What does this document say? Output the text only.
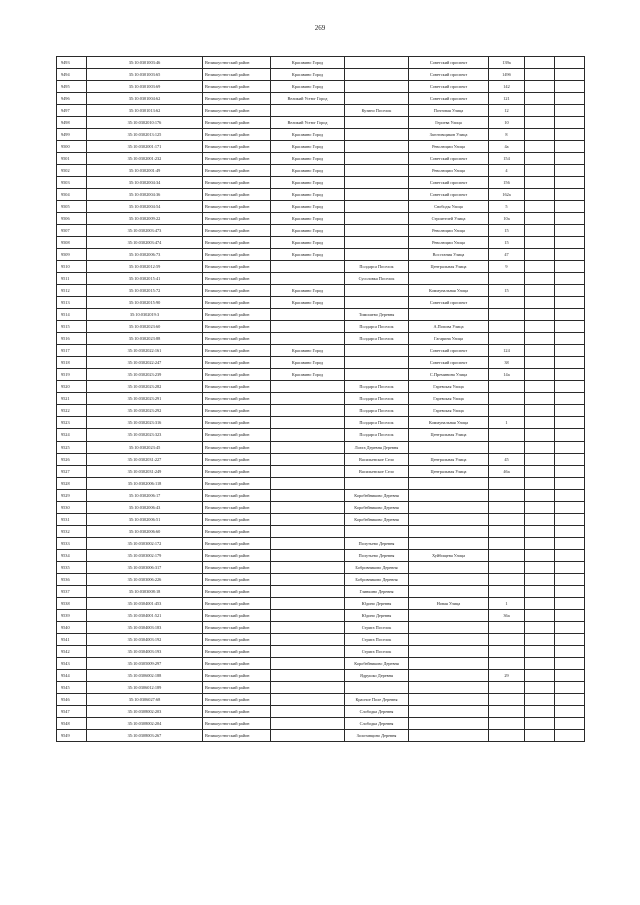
269
9493	35:10:0301003:46	Великоустюгский район	Красавино Город		Советский проспект	139а		
9494	35:10:0301003:65	Великоустюгский район	Красавино Город		Советский проспект	149б		
9495	35:10:0301003:69	Великоустюгский район	Красавино Город		Советский проспект	142		
9496	35:10:0301004:62	Великоустюгский район	Великий Устюг Город		Советский проспект	121		
9497	35:10:0301013:62	Великоустюгский район		Кузино Поселок	Почтовая Улица	12		
9498	35:10:0302010:176	Великоустюгский район	Великий Устюг Город		Героева Улица	10		
9499	35:10:0302013:125	Великоустюгский район	Красавино Город		Заготовщиков Улица	8		
9500	35:10:0302001:171	Великоустюгский район	Красавино Город		Революции Улица	4а		
9501	35:10:0302001:232	Великоустюгский район	Красавино Город		Советский проспект	154		
9502	35:10:0302001:49	Великоустюгский район	Красавино Город		Революции Улица	4		
9503	35:10:0302004:34	Великоустюгский район	Красавино Город		Советский проспект	156		
9504	35:10:0302004:36	Великоустюгский район	Красавино Город		Советский проспект	162а		
9505	35:10:0302004:54	Великоустюгский район	Красавино Город		Свободы Улица	5		
9506	35:10:0302009:22	Великоустюгский район	Красавино Город		Строителей Улица	10а		
9507	35:10:0302003:473	Великоустюгский район	Красавино Город		Революции Улица	15		
9508	35:10:0302003:474	Великоустюгский район	Красавино Город		Революции Улица	15		
9509	35:10:0302006:73	Великоустюгский район	Красавино Город		Восстания Улица	47		
9510	35:10:0302012:59	Великоустюгский район		Полдарса Поселок	Центральная Улица	9		
9511	35:10:0302015:41	Великоустюгский район		Сусоловка Поселок				
9512	35:10:0302015:72	Великоустюгский район	Красавино Город		Коммунальная Улица	15		
9513	35:10:0302015:90	Великоустюгский район	Красавино Город		Советский проспект			
9514	35:10:0302019:3	Великоустюгский район		Тимошево Деревня				
9515	35:10:0302023:60	Великоустюгский район		Полдарса Поселок	А.Попова Улица			
9516	35:10:0302023:88	Великоустюгский район		Полдарса Поселок	Гагарина Улица			
9517	35:10:0302022:161	Великоустюгский район	Красавино Город		Советский проспект	124		
9518	35:10:0302022:247	Великоустюгский район	Красавино Город		Советский проспект	38		
9519	35:10:0302023:239	Великоустюгский район	Красавино Город		С.Преминина Улица	14а		
9520	35:10:0302023:282	Великоустюгский район		Полдарса Поселок	Гаревская Улица			
9521	35:10:0302023:291	Великоустюгский район		Полдарса Поселок	Гаревская Улица			
9522	35:10:0302023:292	Великоустюгский район		Полдарса Поселок	Гаревская Улица			
9523	35:10:0302023:316	Великоустюгский район		Полдарса Поселок	Коммунальная Улица	1		
9524	35:10:0302023:323	Великоустюгский район		Полдарса Поселок	Центральная Улица			
9525	35:10:0302023:45	Великоустюгский район		Лохта Деревня Деревня				
9526	35:10:0302031:227	Великоустюгский район		Васильевское Село	Центральная Улица	45		
9527	35:10:0302031:249	Великоустюгский район		Васильевское Село	Центральная Улица	46а		
9528	35:10:0302006:118	Великоустюгский район						
9529	35:10:0302006:17	Великоустюгский район		Коробейниково Деревня				
9530	35:10:0302006:43	Великоустюгский район		Коробейниково Деревня				
9531	35:10:0302006:51	Великоустюгский район		Коробейниково Деревня				
9532	35:10:0302006:60	Великоустюгский район						
9533	35:10:0303002:172	Великоустюгский район		Полутьево Деревня				
9534	35:10:0303002:179	Великоустюгский район		Полутьево Деревня	Хуйбищева Улица			
9535	35:10:0303006:317	Великоустюгский район		Бобровниково Деревня				
9536	35:10:0303006:226	Великоустюгский район		Бобровниково Деревня				
9537	35:10:0303008:18	Великоустюгский район		Глинкино Деревня				
9538	35:10:0304001:453	Великоустюгский район		Юдино Деревня	Новая Улица	1		
9539	35:10:0304001:521	Великоустюгский район		Юдино Деревня		36а		
9540	35:10:0304003:183	Великоустюгский район		Стрига Поселок				
9541	35:10:0304003:192	Великоустюгский район		Стрига Поселок				
9542	35:10:0304003:193	Великоустюгский район		Стрига Поселок				
9543	35:10:0305009:297	Великоустюгский район		Коробейниково Деревня				
9544	35:10:0306002:188	Великоустюгский район		Ядрушко Деревня		29		
9545	35:10:0306012:189	Великоустюгский район						
9546	35:10:0306027:68	Великоустюгский район		Красное Поле Деревня				
9547	35:10:0308002:203	Великоустюгский район		Слободка Деревня				
9548	35:10:0308002:204	Великоустюгский район		Слободка Деревня				
9549	35:10:0308003:267	Великоустюгский район		Золотавцино Деревня				
